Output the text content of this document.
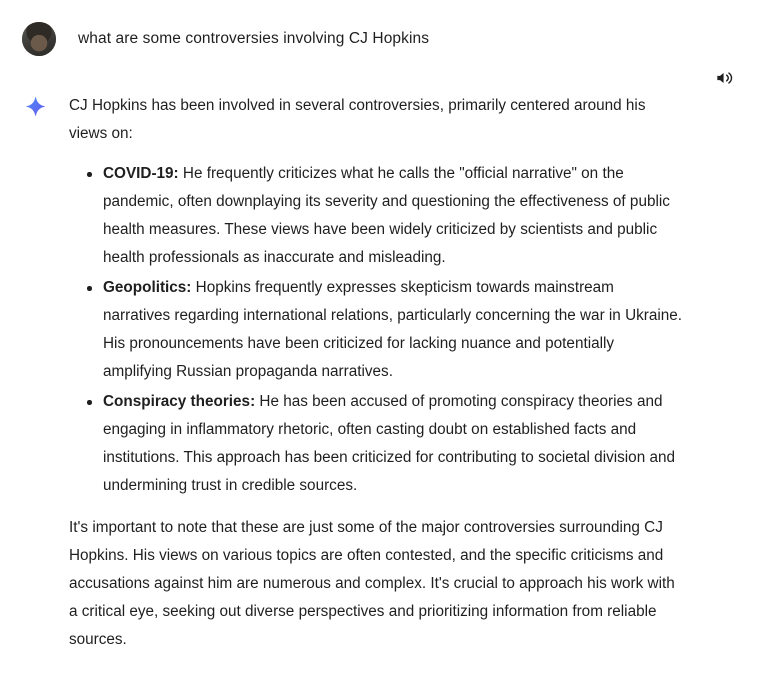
what are some controversies involving CJ Hopkins

CJ Hopkins has been involved in several controversies, primarily centered around his views on:

COVID-19: He frequently criticizes what he calls the "official narrative" on the pandemic, often downplaying its severity and questioning the effectiveness of public health measures. These views have been widely criticized by scientists and public health professionals as inaccurate and misleading.
Geopolitics: Hopkins frequently expresses skepticism towards mainstream narratives regarding international relations, particularly concerning the war in Ukraine. His pronouncements have been criticized for lacking nuance and potentially amplifying Russian propaganda narratives.
Conspiracy theories: He has been accused of promoting conspiracy theories and engaging in inflammatory rhetoric, often casting doubt on established facts and institutions. This approach has been criticized for contributing to societal division and undermining trust in credible sources.

It's important to note that these are just some of the major controversies surrounding CJ Hopkins. His views on various topics are often contested, and the specific criticisms and accusations against him are numerous and complex. It's crucial to approach his work with a critical eye, seeking out diverse perspectives and prioritizing information from reliable sources.
